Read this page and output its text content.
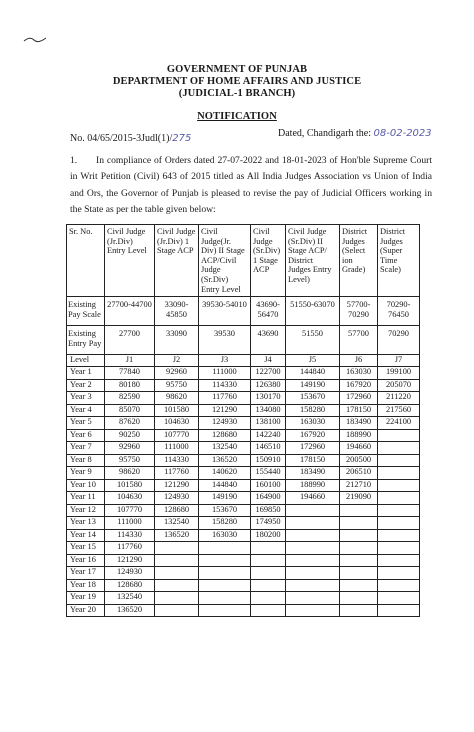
GOVERNMENT OF PUNJAB
DEPARTMENT OF HOME AFFAIRS AND JUSTICE
(JUDICIAL-1 BRANCH)
NOTIFICATION
No. 04/65/2015-3Judl(1)/275	Dated, Chandigarh the: 08-02-2023
1. In compliance of Orders dated 27-07-2022 and 18-01-2023 of Hon'ble Supreme Court in Writ Petition (Civil) 643 of 2015 titled as All India Judges Association vs Union of India and Ors, the Governor of Punjab is pleased to revise the pay of Judicial Officers working in the State as per the table given below:
Sr. No.	Civil Judge (Jr.Div) Entry Level	Civil Judge (Jr.Div) 1 Stage ACP	Civil Judge(Jr. Div) II Stage ACP/Civil Judge (Sr.Div) Entry Level	Civil Judge (Sr.Div) 1 Stage ACP	Civil Judge (Sr.Div) II Stage ACP/ District Judges Entry Level)	District Judges (Select ion Grade)	District Judges (Super Time Scale)
Existing Pay Scale	27700-44700	33090-45850	39530-54010	43690-56470	51550-63070	57700-70290	70290-76450
Existing Entry Pay	27700	33090	39530	43690	51550	57700	70290
Level	J1	J2	J3	J4	J5	J6	J7
Year 1	77840	92960	111000	122700	144840	163030	199100
Year 2	80180	95750	114330	126380	149190	167920	205070
Year 3	82590	98620	117760	130170	153670	172960	211220
Year 4	85070	101580	121290	134080	158280	178150	217560
Year 5	87620	104630	124930	138100	163030	183490	224100
Year 6	90250	107770	128680	142240	167920	188990	
Year 7	92960	111000	132540	146510	172960	194660	
Year 8	95750	114330	136520	150910	178150	200500	
Year 9	98620	117760	140620	155440	183490	206510	
Year 10	101580	121290	144840	160100	188990	212710	
Year 11	104630	124930	149190	164900	194660	219090	
Year 12	107770	128680	153670	169850			
Year 13	111000	132540	158280	174950			
Year 14	114330	136520	163030	180200			
Year 15	117760						
Year 16	121290						
Year 17	124930						
Year 18	128680						
Year 19	132540						
Year 20	136520						
